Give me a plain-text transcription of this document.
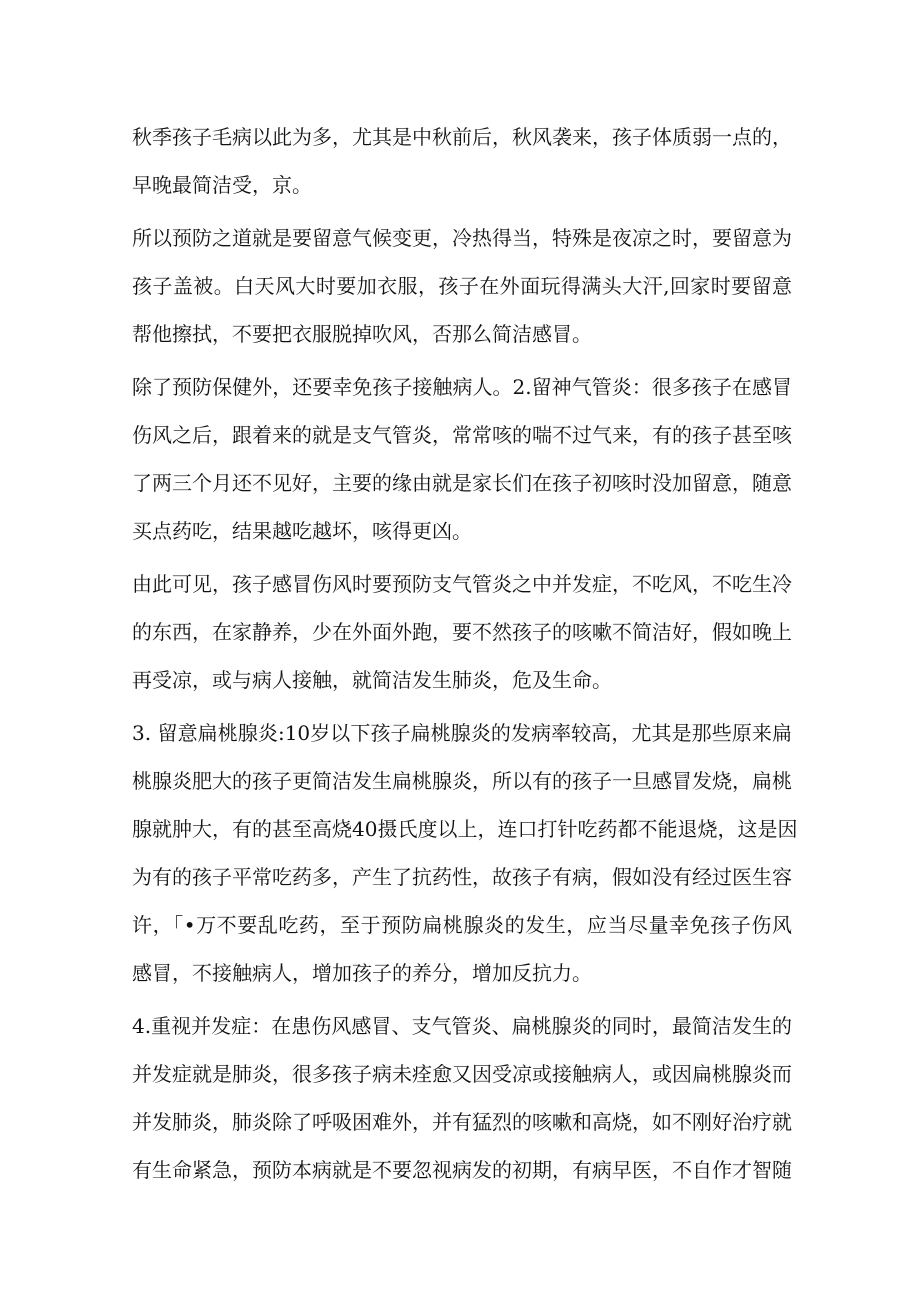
秋季孩子毛病以此为多，尤其是中秋前后，秋风袭来，孩子体质弱一点的，
早晚最简洁受，京。

所以预防之道就是要留意气候变更，冷热得当，特殊是夜凉之时，要留意为
孩子盖被。白天风大时要加衣服，孩子在外面玩得满头大汗,回家时要留意
帮他擦拭，不要把衣服脱掉吹风，否那么简洁感冒。

除了预防保健外，还要幸免孩子接触病人。2.留神气管炎：很多孩子在感冒
伤风之后，跟着来的就是支气管炎，常常咳的喘不过气来，有的孩子甚至咳
了两三个月还不见好，主要的缘由就是家长们在孩子初咳时没加留意，随意
买点药吃，结果越吃越坏，咳得更凶。

由此可见，孩子感冒伤风时要预防支气管炎之中并发症，不吃风，不吃生冷
的东西，在家静养，少在外面外跑，要不然孩子的咳嗽不简洁好，假如晚上
再受凉，或与病人接触，就简洁发生肺炎，危及生命。

3. 留意扁桃腺炎:10岁以下孩子扁桃腺炎的发病率较高，尤其是那些原来扁
桃腺炎肥大的孩子更简洁发生扁桃腺炎，所以有的孩子一旦感冒发烧，扁桃
腺就肿大，有的甚至高烧40摄氏度以上，连口打针吃药都不能退烧，这是因
为有的孩子平常吃药多，产生了抗药性，故孩子有病，假如没有经过医生容
许，「•万不要乱吃药，至于预防扁桃腺炎的发生，应当尽量幸免孩子伤风
感冒，不接触病人，增加孩子的养分，增加反抗力。

4.重视并发症：在患伤风感冒、支气管炎、扁桃腺炎的同时，最简洁发生的
并发症就是肺炎，很多孩子病未痊愈又因受凉或接触病人，或因扁桃腺炎而
并发肺炎，肺炎除了呼吸困难外，并有猛烈的咳嗽和高烧，如不刚好治疗就
有生命紧急，预防本病就是不要忽视病发的初期，有病早医，不自作才智随
